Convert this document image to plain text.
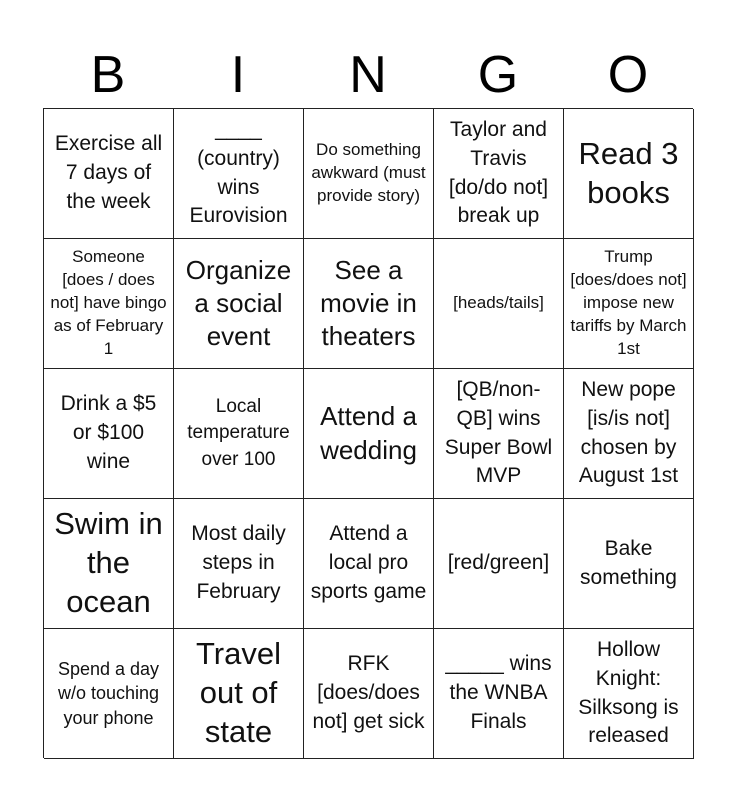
B	I	N	G	O
Exercise all 7 days of the week
____ (country) wins Eurovision
Do something awkward (must provide story)
Taylor and Travis [do/do not] break up
Read 3 books
Someone [does / does not] have bingo as of February 1
Organize a social event
See a movie in theaters
[heads/tails]
Trump [does/does not] impose new tariffs by March 1st
Drink a $5 or $100 wine
Local temperature over 100
Attend a wedding
[QB/non-QB] wins Super Bowl MVP
New pope [is/is not] chosen by August 1st
Swim in the ocean
Most daily steps in February
Attend a local pro sports game
[red/green]
Bake something
Spend a day w/o touching your phone
Travel out of state
RFK [does/does not] get sick
_____ wins the WNBA Finals
Hollow Knight: Silksong is released
